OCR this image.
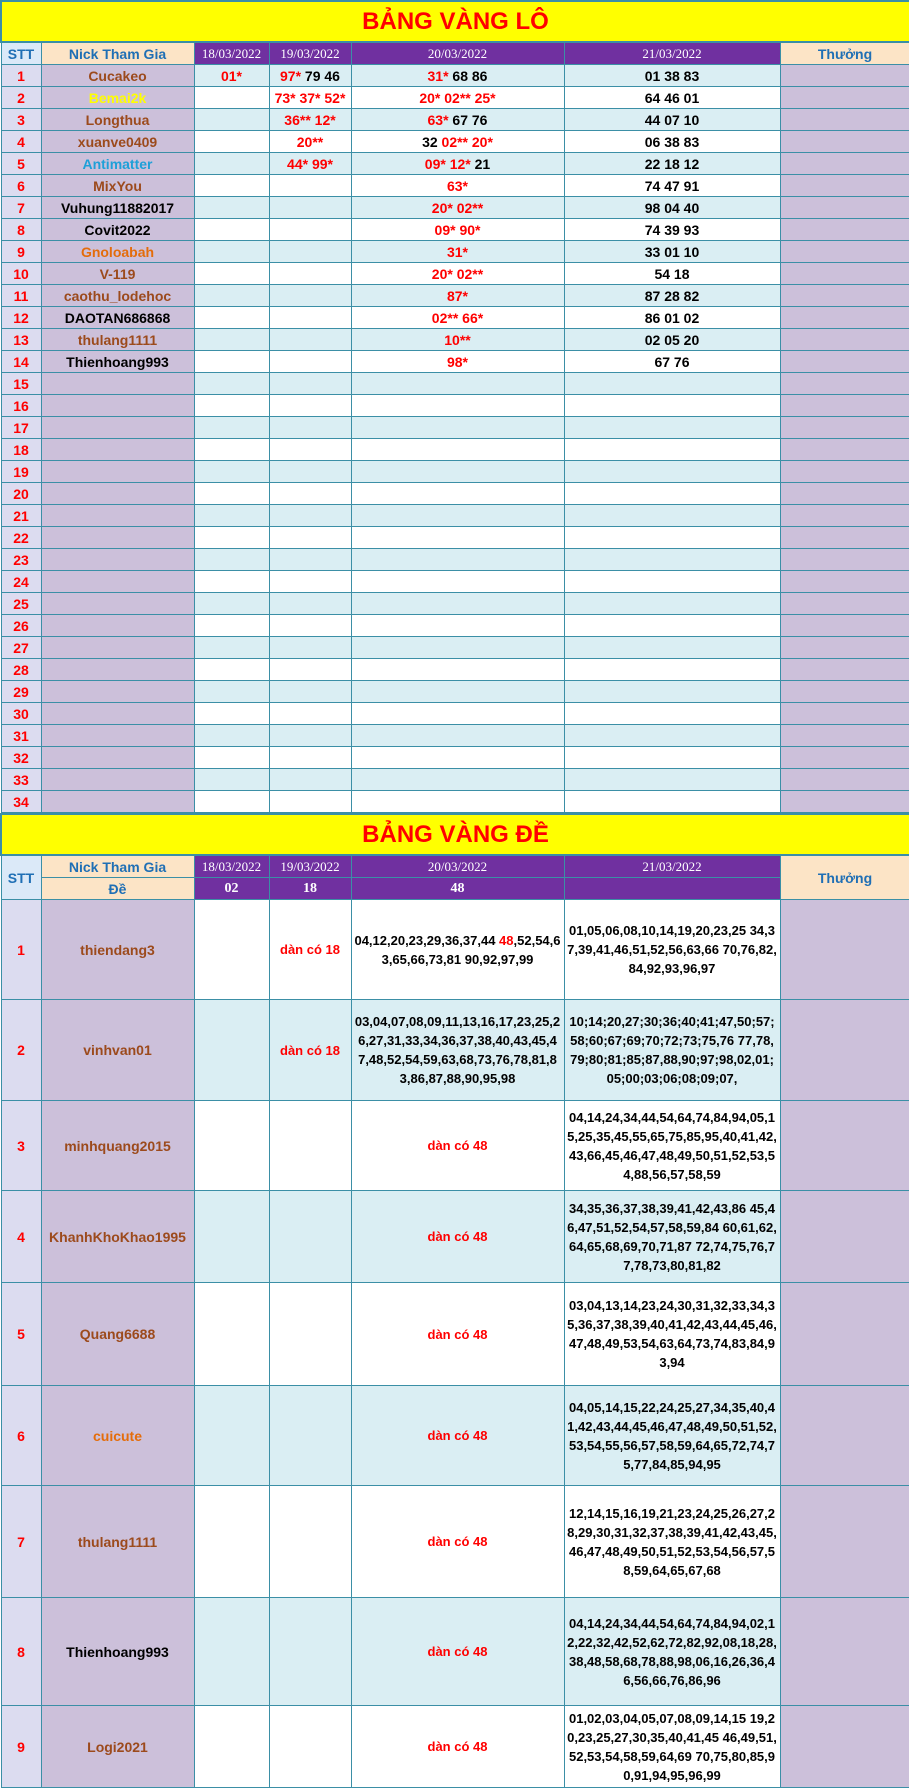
BẢNG VÀNG LÔ						
STT	Nick Tham Gia	18/03/2022	19/03/2022	20/03/2022	21/03/2022	Thưởng
1	Cucakeo	01*	97* 79 46	31* 68 86	01 38 83	
2	Bemai2k		73* 37* 52*	20* 02** 25*	64 46 01	
3	Longthua		36** 12*	63* 67 76	44 07 10	
4	xuanve0409		20**	32 02** 20*	06 38 83	
5	Antimatter		44* 99*	09* 12* 21	22 18 12	
6	MixYou			63*	74 47 91	
7	Vuhung11882017			20* 02**	98 04 40	
8	Covit2022			09* 90*	74 39 93	
9	Gnoloabah			31*	33 01 10	
10	V-119			20* 02**	54 18	
11	caothu_lodehoc			87*	87 28 82	
12	DAOTAN686868			02** 66*	86 01 02	
13	thulang1111			10**	02 05 20	
14	Thienhoang993			98*	67 76	
15						
16						
17						
18						
19						
20						
21						
22						
23						
24						
25						
26						
27						
28						
29						
30						
31						
32						
33						
34						
BẢNG VÀNG ĐỀ						
STT	Nick Tham Gia	18/03/2022	19/03/2022	20/03/2022	21/03/2022	Thưởng
	Đề	02	18	48		
1	thiendang3		dàn có 18	04,12,20,23,29,36,37,44 48,52,54,63,65,66,73,81 90,92,97,99	01,05,06,08,10,14,19,20,23,25 34,37,39,41,46,51,52,56,63,66 70,76,82,84,92,93,96,97	

2	vinhvan01		dàn có 18	03,04,07,08,09,11,13,16,17,23,25,26,27,31,33,34,36,37,38,40,43,45,47,48,52,54,59,63,68,73,76,78,81,83,86,87,88,90,95,98	10;14;20,27;30;36;40;41;47,50;57;58;60;67;69;70;72;73;75,76 77,78,79;80;81;85;87,88,90;97;98,02,01;05;00;03;06;08;09;07,	

3	minhquang2015			dàn có 48	04,14,24,34,44,54,64,74,84,94,05,15,25,35,45,55,65,75,85,95,40,41,42,43,66,45,46,47,48,49,50,51,52,53,54,88,56,57,58,59	

4	KhanhKhoKhao1995			dàn có 48	34,35,36,37,38,39,41,42,43,86 45,46,47,51,52,54,57,58,59,84 60,61,62,64,65,68,69,70,71,87 72,74,75,76,77,78,73,80,81,82	

5	Quang6688			dàn có 48	03,04,13,14,23,24,30,31,32,33,34,35,36,37,38,39,40,41,42,43,44,45,46,47,48,49,53,54,63,64,73,74,83,84,93,94	

6	cuicute			dàn có 48	04,05,14,15,22,24,25,27,34,35,40,41,42,43,44,45,46,47,48,49,50,51,52,53,54,55,56,57,58,59,64,65,72,74,75,77,84,85,94,95	

7	thulang1111			dàn có 48	12,14,15,16,19,21,23,24,25,26,27,28,29,30,31,32,37,38,39,41,42,43,45,46,47,48,49,50,51,52,53,54,56,57,58,59,64,65,67,68	

8	Thienhoang993			dàn có 48	04,14,24,34,44,54,64,74,84,94,02,12,22,32,42,52,62,72,82,92,08,18,28,38,48,58,68,78,88,98,06,16,26,36,46,56,66,76,86,96	

9	Logi2021			dàn có 48	01,02,03,04,05,07,08,09,14,15 19,20,23,25,27,30,35,40,41,45 46,49,51,52,53,54,58,59,64,69 70,75,80,85,90,91,94,95,96,99	
